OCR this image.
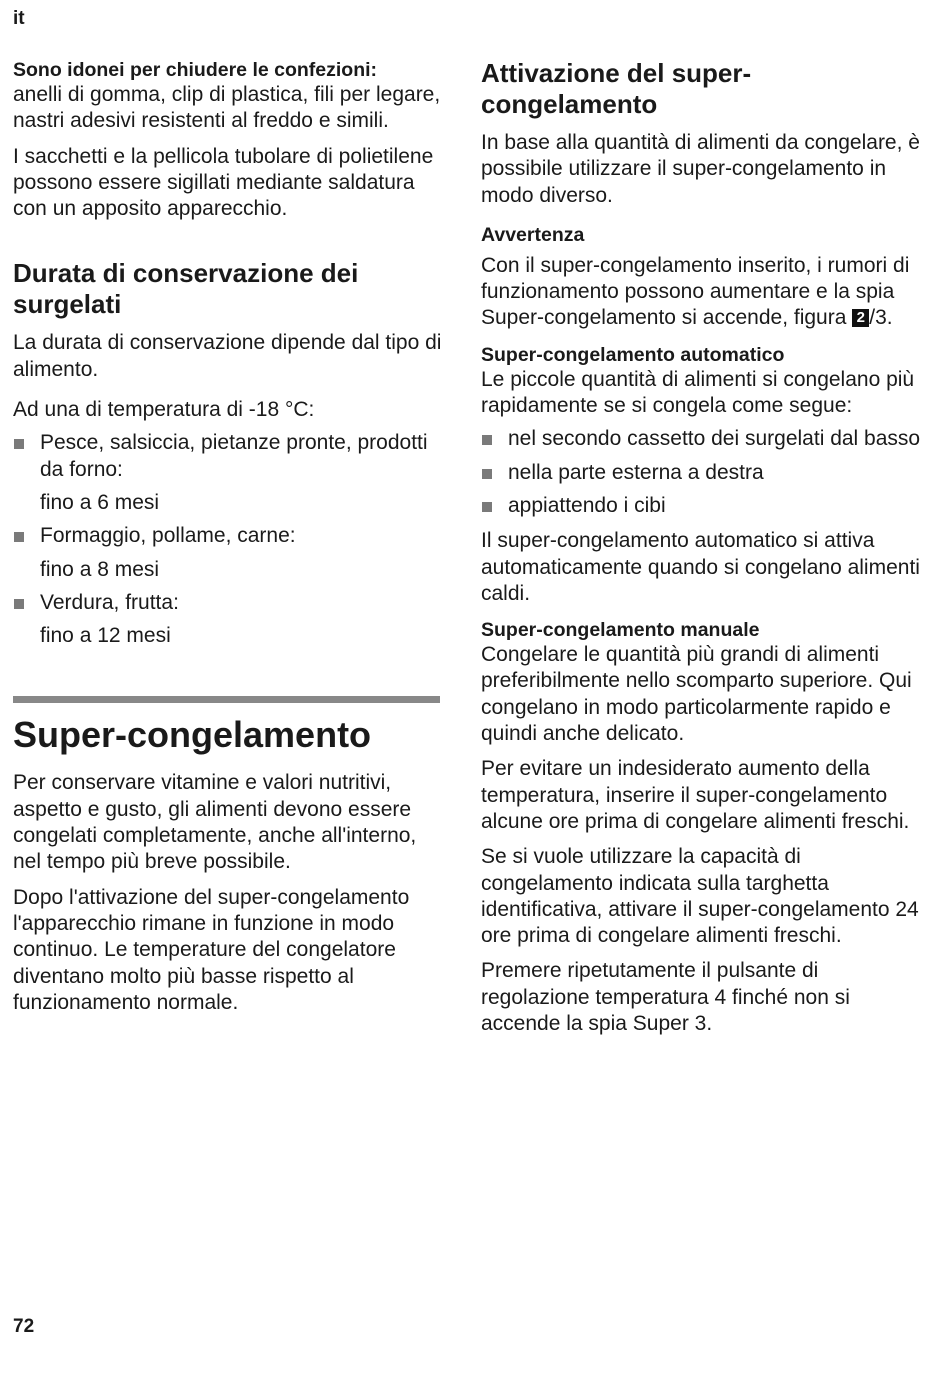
it

Sono idonei per chiudere le confezioni:

anelli di gomma, clip di plastica, fili per legare, nastri adesivi resistenti al freddo e simili.

I sacchetti e la pellicola tubolare di polietilene possono essere sigillati mediante saldatura con un apposito apparecchio.

Durata di conservazione dei surgelati

La durata di conservazione dipende dal tipo di alimento.

Ad una di temperatura di -18 °C:

Pesce, salsiccia, pietanze pronte, prodotti da forno:
fino a 6 mesi
Formaggio, pollame, carne:
fino a 8 mesi
Verdura, frutta:
fino a 12 mesi
Super-congelamento

Per conservare vitamine e valori nutritivi, aspetto e gusto, gli alimenti devono essere congelati completamente, anche all'interno, nel tempo più breve possibile.

Dopo l'attivazione del super-congelamento l'apparecchio rimane in funzione in modo continuo. Le temperature del congelatore diventano molto più basse rispetto al funzionamento normale.

Attivazione del super-congelamento

In base alla quantità di alimenti da congelare, è possibile utilizzare il super-congelamento in modo diverso.

Avvertenza

Con il super-congelamento inserito, i rumori di funzionamento possono aumentare e la spia Super-congelamento si accende, figura 2 /3.

Super-congelamento automatico

Le piccole quantità di alimenti si congelano più rapidamente se si congela come segue:

nel secondo cassetto dei surgelati dal basso
nella parte esterna a destra
appiattendo i cibi

Il super-congelamento automatico si attiva automaticamente quando si congelano alimenti caldi.

Super-congelamento manuale

Congelare le quantità più grandi di alimenti preferibilmente nello scomparto superiore. Qui congelano in modo particolarmente rapido e quindi anche delicato.

Per evitare un indesiderato aumento della temperatura, inserire il super-congelamento alcune ore prima di congelare alimenti freschi.

Se si vuole utilizzare la capacità di congelamento indicata sulla targhetta identificativa, attivare il super-congelamento 24 ore prima di congelare alimenti freschi.

Premere ripetutamente il pulsante di regolazione temperatura 4 finché non si accende la spia Super 3.

72
